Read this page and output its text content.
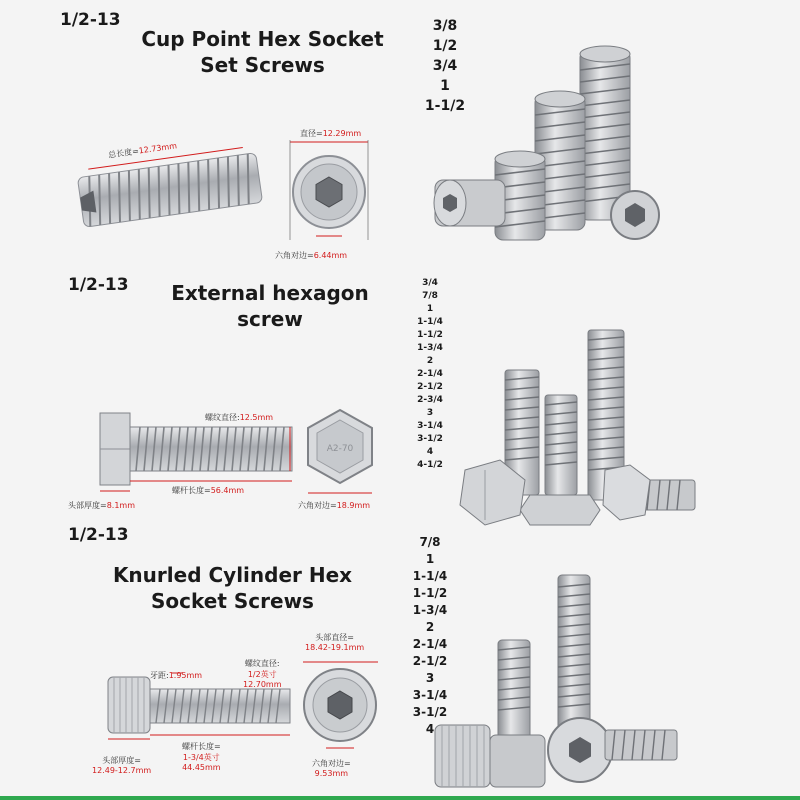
1/2-13
Cup Point Hex Socket
Set Screws
3/8
1/2
3/4
1
1-1/2
总长度=12.73mm
直径=12.29mm
六角对边=6.44mm
1/2-13	External hexagon
screw
3/4
7/8
1
1-1/4
1-1/2
1-3/4
2
2-1/4
2-1/2
2-3/4
3
3-1/4
3-1/2
4
4-1/2
螺纹直径:12.5mm
螺杆长度=56.4mm
头部厚度=8.1mm
A2-70
六角对边=18.9mm
1/2-13
Knurled Cylinder Hex
Socket Screws
7/8
1
1-1/4
1-1/2
1-3/4
2
2-1/4
2-1/2
3
3-1/4
3-1/2
4
牙距:1.95mm
螺纹直径:
1/2英寸
12.70mm
螺杆长度=
1-3/4英寸
44.45mm
头部厚度=
12.49-12.7mm
头部直径=
18.42-19.1mm
六角对边=
9.53mm
